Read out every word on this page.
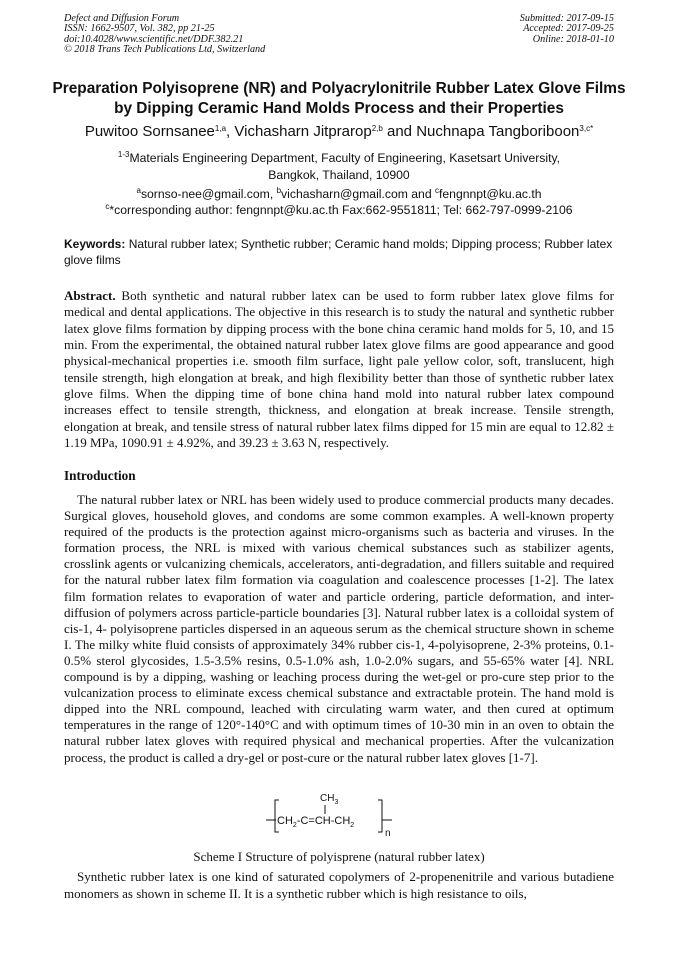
Defect and Diffusion Forum
ISSN: 1662-9507, Vol. 382, pp 21-25
doi:10.4028/www.scientific.net/DDF.382.21
© 2018 Trans Tech Publications Ltd, Switzerland
Submitted: 2017-09-15
Accepted: 2017-09-25
Online: 2018-01-10
Preparation Polyisoprene (NR) and Polyacrylonitrile Rubber Latex Glove Films by Dipping Ceramic Hand Molds Process and their Properties
Puwitoo Sornsanee$^{1,a}$, Vichasharn Jitprarop$^{2,b}$ and Nuchnapa Tangboriboon$^{3,c*}$
$^{1-3}$Materials Engineering Department, Faculty of Engineering, Kasetsart University,
Bangkok, Thailand, 10900
$^a$sornso-nee@gmail.com, $^b$vichasharn@gmail.com and $^c$fengnnpt@ku.ac.th
$^c$*corresponding author: fengnnpt@ku.ac.th Fax:662-9551811; Tel: 662-797-0999-2106
Keywords: Natural rubber latex; Synthetic rubber; Ceramic hand molds; Dipping process; Rubber latex glove films
Abstract. Both synthetic and natural rubber latex can be used to form rubber latex glove films for medical and dental applications. The objective in this research is to study the natural and synthetic rubber latex glove films formation by dipping process with the bone china ceramic hand molds for 5, 10, and 15 min. From the experimental, the obtained natural rubber latex glove films are good appearance and good physical-mechanical properties i.e. smooth film surface, light pale yellow color, soft, translucent, high tensile strength, high elongation at break, and high flexibility better than those of synthetic rubber latex glove films. When the dipping time of bone china hand mold into natural rubber latex compound increases effect to tensile strength, thickness, and elongation at break increase. Tensile strength, elongation at break, and tensile stress of natural rubber latex films dipped for 15 min are equal to 12.82 ± 1.19 MPa, 1090.91 ± 4.92%, and 39.23 ± 3.63 N, respectively.
Introduction
The natural rubber latex or NRL has been widely used to produce commercial products many decades. Surgical gloves, household gloves, and condoms are some common examples. A well-known property required of the products is the protection against micro-organisms such as bacteria and viruses. In the formation process, the NRL is mixed with various chemical substances such as stabilizer agents, crosslink agents or vulcanizing chemicals, accelerators, anti-degradation, and fillers suitable and required for the natural rubber latex film formation via coagulation and coalescence processes [1-2]. The latex film formation relates to evaporation of water and particle ordering, particle deformation, and inter-diffusion of polymers across particle-particle boundaries [3]. Natural rubber latex is a colloidal system of cis-1, 4- polyisoprene particles dispersed in an aqueous serum as the chemical structure shown in scheme I. The milky white fluid consists of approximately 34% rubber cis-1, 4-polyisoprene, 2-3% proteins, 0.1-0.5% sterol glycosides, 1.5-3.5% resins, 0.5-1.0% ash, 1.0-2.0% sugars, and 55-65% water [4]. NRL compound is by a dipping, washing or leaching process during the wet-gel or pro-cure step prior to the vulcanization process to eliminate excess chemical substance and extractable protein. The hand mold is dipped into the NRL compound, leached with circulating warm water, and then cured at optimum temperatures in the range of 120°-140°C and with optimum times of 10-30 min in an oven to obtain the natural rubber latex gloves with required physical and mechanical properties. After the vulcanization process, the product is called a dry-gel or post-cure or the natural rubber latex gloves [1-7].
$CH_2-C=CH-CH_2$
$CH_3$
n
Scheme I Structure of polyisprene (natural rubber latex)
Synthetic rubber latex is one kind of saturated copolymers of 2-propenenitrile and various butadiene monomers as shown in scheme II. It is a synthetic rubber which is high resistance to oils,
